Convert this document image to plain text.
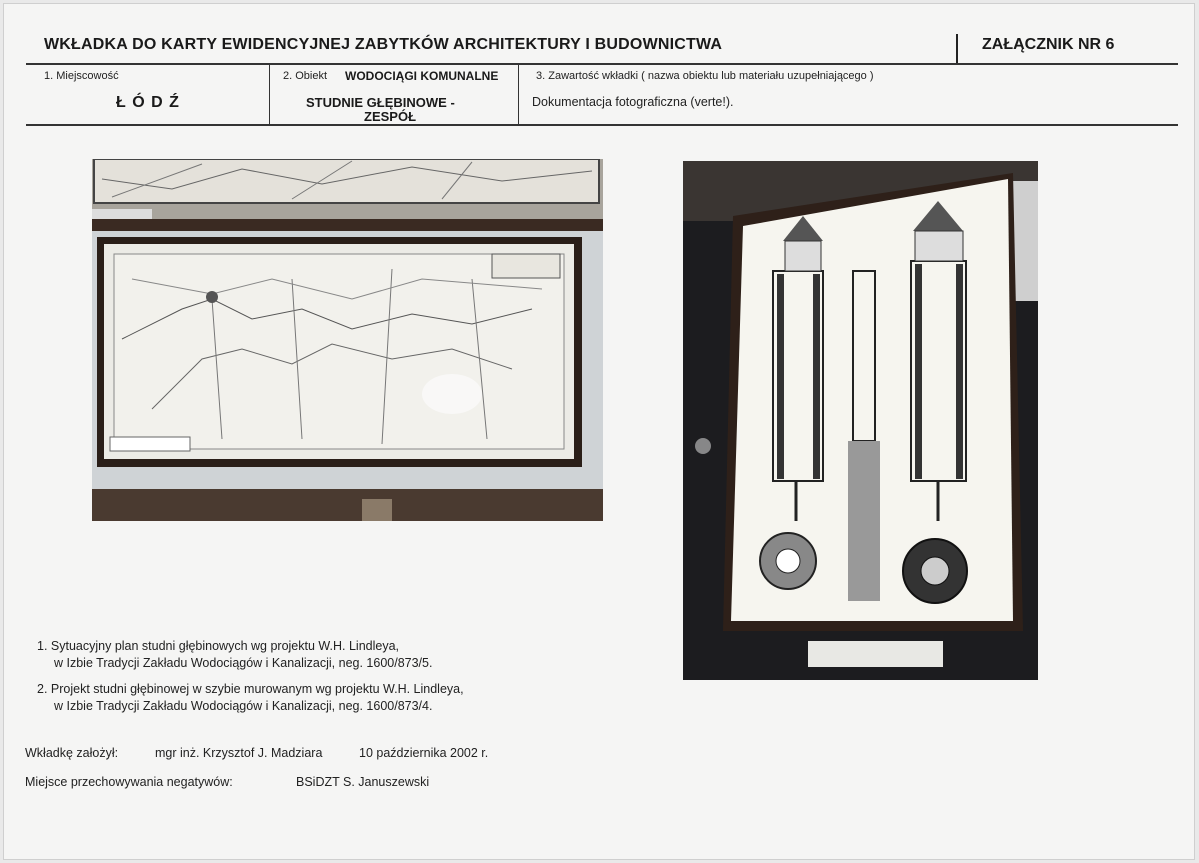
WKŁADKA DO KARTY EWIDENCYJNEJ ZABYTKÓW ARCHITEKTURY I BUDOWNICTWA	ZAŁĄCZNIK NR 6
1. Miejscowość
Ł Ó D Ź
2. Obiekt WODOCIĄGI KOMUNALNE
STUDNIE GŁĘBINOWE -
ZESPÓŁ
3. Zawartość wkładki ( nazwa obiektu lub materiału uzupełniającego )
Dokumentacja fotograficzna (verte!).
1. Sytuacyjny plan studni głębinowych wg projektu W.H. Lindleya,
w Izbie Tradycji Zakładu Wodociągów i Kanalizacji, neg. 1600/873/5.
2. Projekt studni głębinowej w szybie murowanym wg projektu W.H. Lindleya,
w Izbie Tradycji Zakładu Wodociągów i Kanalizacji, neg. 1600/873/4.
Wkładkę założył:	mgr inż. Krzysztof J. Madziara	10 października 2002 r.
Miejsce przechowywania negatywów:	BSiDZT S. Januszewski
